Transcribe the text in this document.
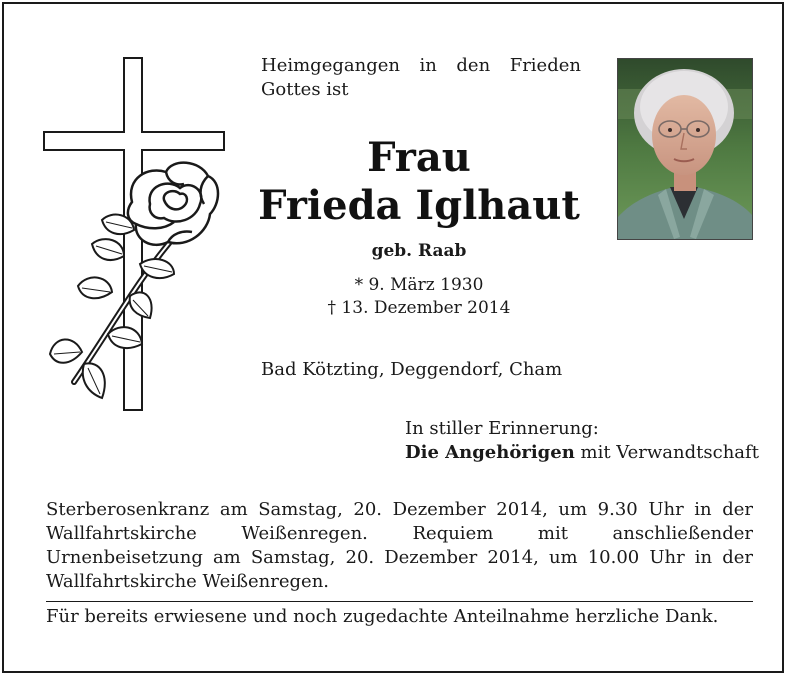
Heimgegangen in den Frieden
Gottes ist
Frau
Frieda Iglhaut
geb. Raab
* 9. März 1930
† 13. Dezember 2014
Bad Kötzting, Deggendorf, Cham
In stiller Erinnerung:
Die Angehörigen mit Verwandtschaft
Sterberosenkranz am Samstag, 20. Dezember 2014, um 9.30 Uhr in der Wallfahrtskirche Weißenregen. Requiem mit anschließender Urnenbeisetzung am Samstag, 20. Dezember 2014, um 10.00 Uhr in der Wallfahrtskirche Weißenregen.
Für bereits erwiesene und noch zugedachte Anteilnahme herzliche Dank.
